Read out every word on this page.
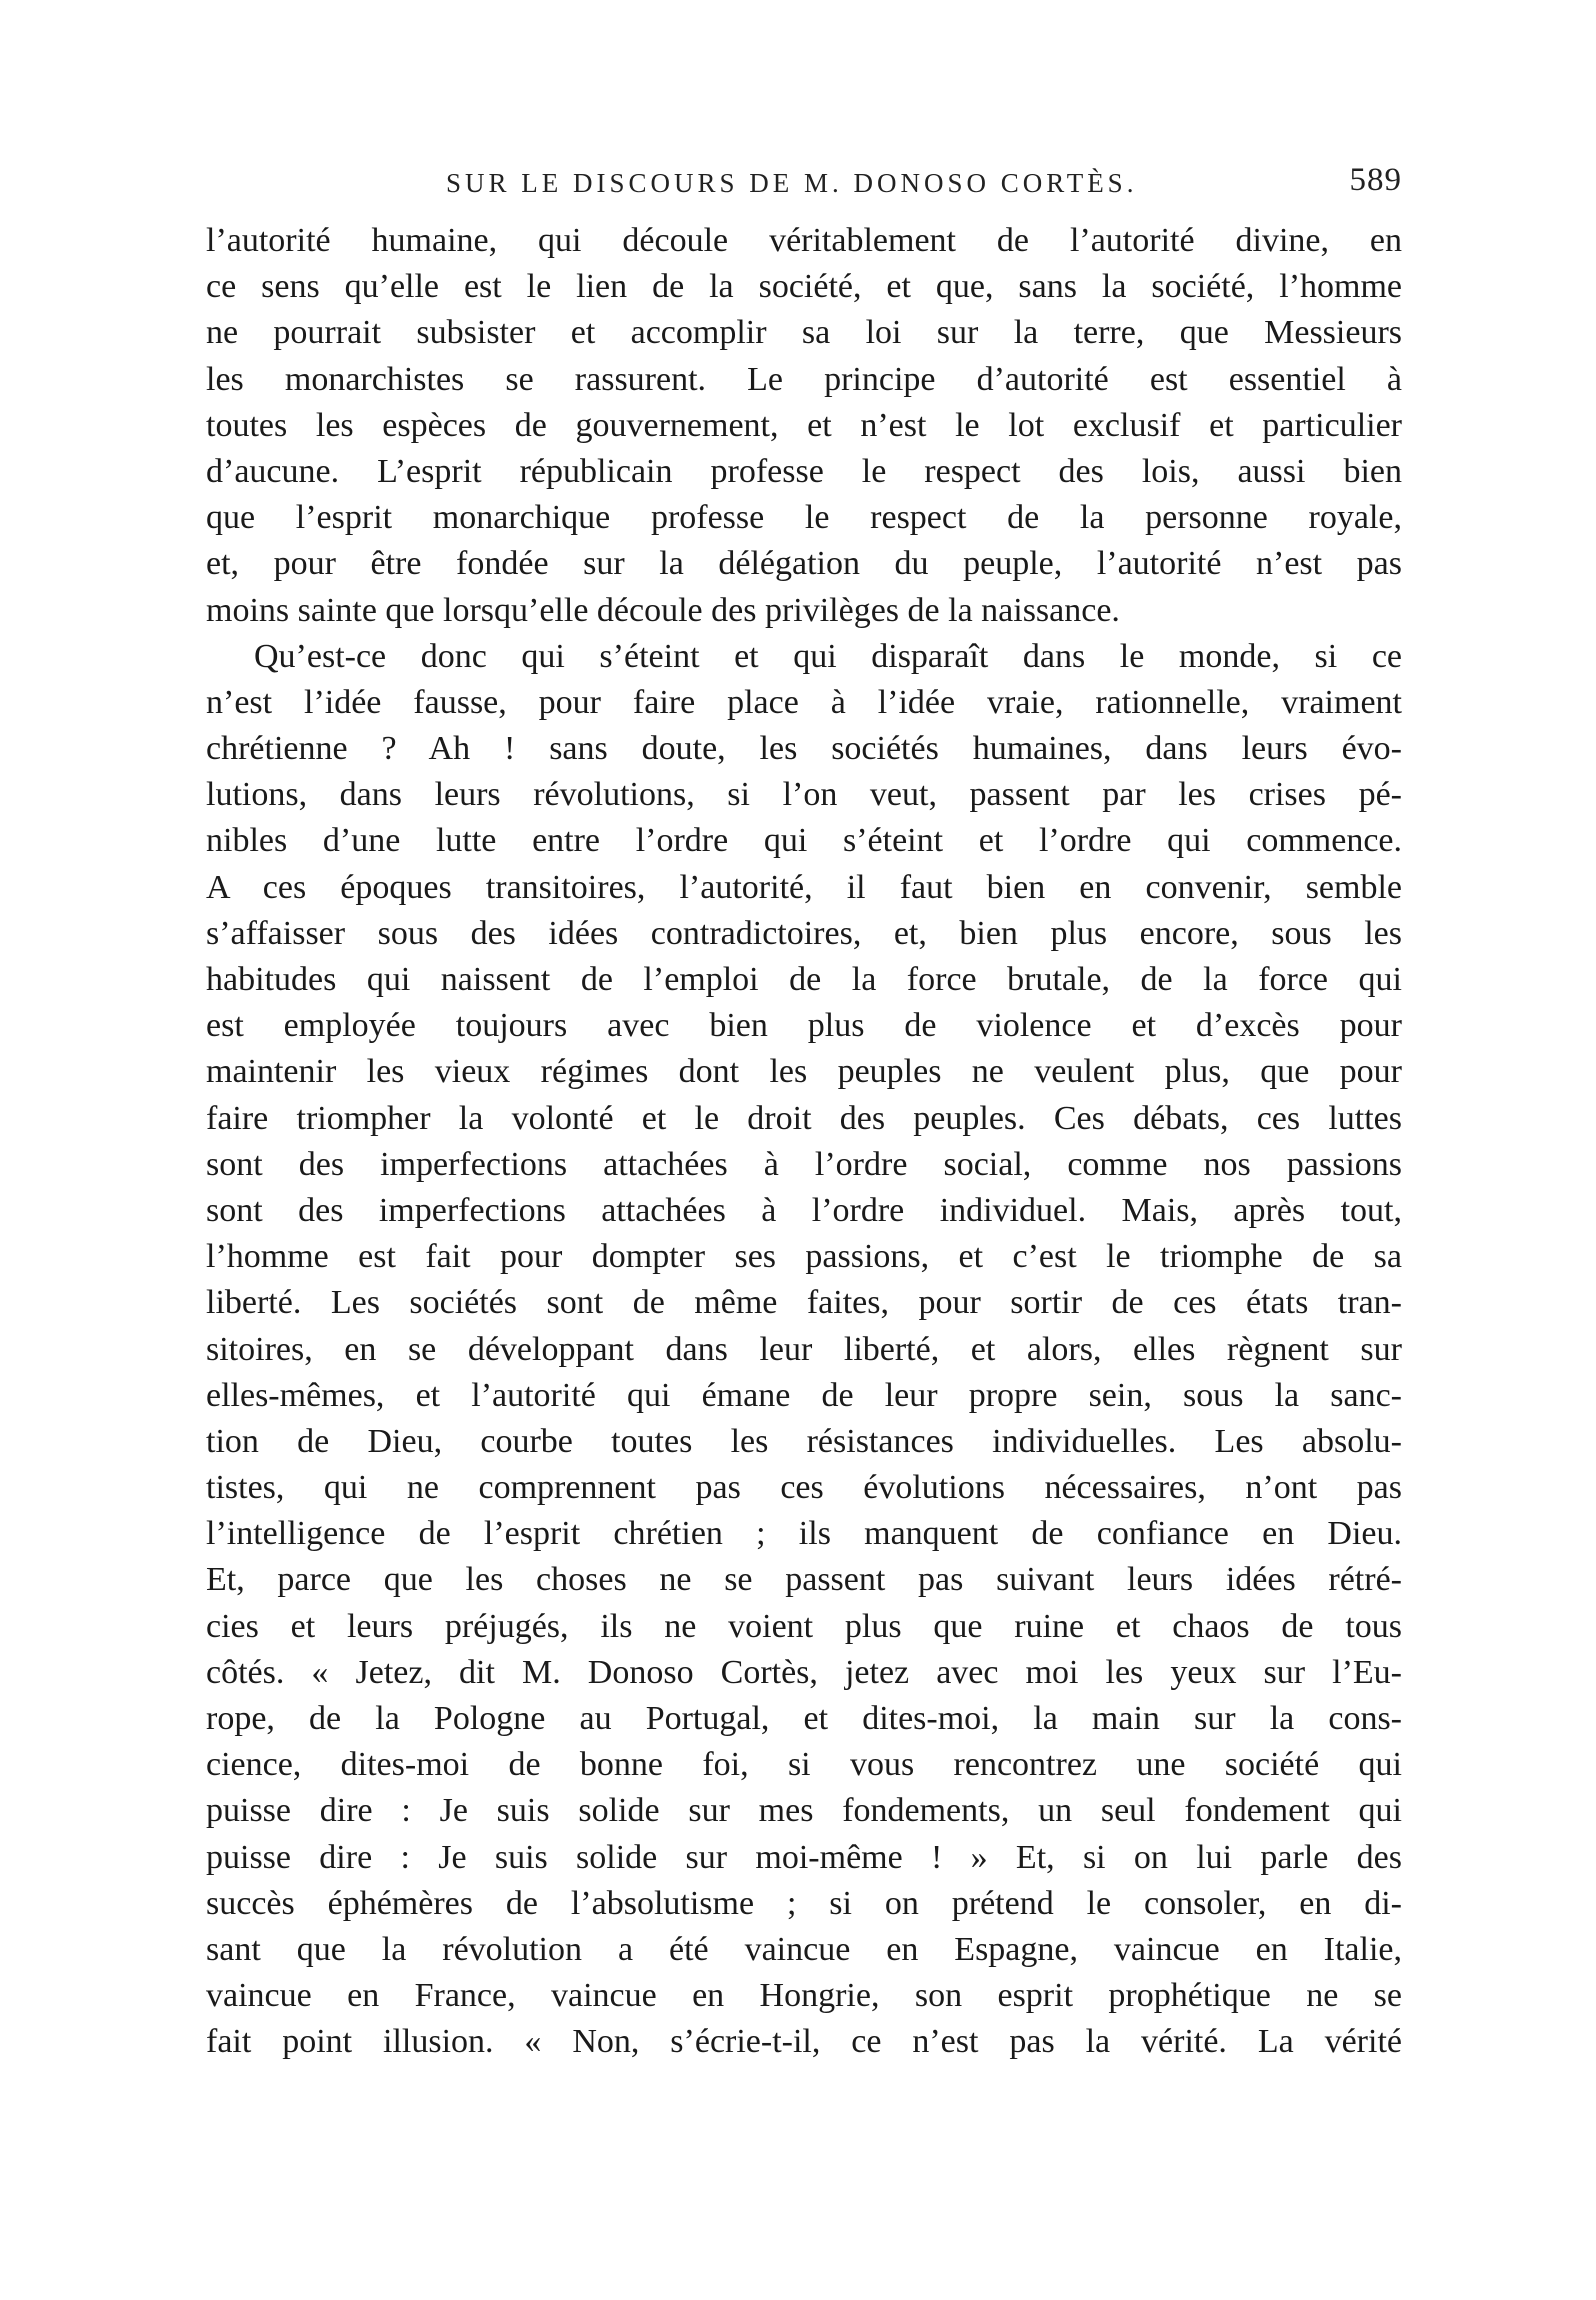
SUR LE DISCOURS DE M. DONOSO CORTÈS.	589
l’autorité humaine, qui découle véritablement de l’autorité divine, en
ce sens qu’elle est le lien de la société, et que, sans la société, l’homme
ne pourrait subsister et accomplir sa loi sur la terre, que Messieurs
les monarchistes se rassurent. Le principe d’autorité est essentiel à
toutes les espèces de gouvernement, et n’est le lot exclusif et particulier
d’aucune. L’esprit républicain professe le respect des lois, aussi bien
que l’esprit monarchique professe le respect de la personne royale,
et, pour être fondée sur la délégation du peuple, l’autorité n’est pas
moins sainte que lorsqu’elle découle des privilèges de la naissance.
Qu’est-ce donc qui s’éteint et qui disparaît dans le monde, si ce
n’est l’idée fausse, pour faire place à l’idée vraie, rationnelle, vraiment
chrétienne ? Ah ! sans doute, les sociétés humaines, dans leurs évo-
lutions, dans leurs révolutions, si l’on veut, passent par les crises pé-
nibles d’une lutte entre l’ordre qui s’éteint et l’ordre qui commence.
A ces époques transitoires, l’autorité, il faut bien en convenir, semble
s’affaisser sous des idées contradictoires, et, bien plus encore, sous les
habitudes qui naissent de l’emploi de la force brutale, de la force qui
est employée toujours avec bien plus de violence et d’excès pour
maintenir les vieux régimes dont les peuples ne veulent plus, que pour
faire triompher la volonté et le droit des peuples. Ces débats, ces luttes
sont des imperfections attachées à l’ordre social, comme nos passions
sont des imperfections attachées à l’ordre individuel. Mais, après tout,
l’homme est fait pour dompter ses passions, et c’est le triomphe de sa
liberté. Les sociétés sont de même faites, pour sortir de ces états tran-
sitoires, en se développant dans leur liberté, et alors, elles règnent sur
elles-mêmes, et l’autorité qui émane de leur propre sein, sous la sanc-
tion de Dieu, courbe toutes les résistances individuelles. Les absolu-
tistes, qui ne comprennent pas ces évolutions nécessaires, n’ont pas
l’intelligence de l’esprit chrétien ; ils manquent de confiance en Dieu.
Et, parce que les choses ne se passent pas suivant leurs idées rétré-
cies et leurs préjugés, ils ne voient plus que ruine et chaos de tous
côtés. « Jetez, dit M. Donoso Cortès, jetez avec moi les yeux sur l’Eu-
rope, de la Pologne au Portugal, et dites-moi, la main sur la cons-
cience, dites-moi de bonne foi, si vous rencontrez une société qui
puisse dire : Je suis solide sur mes fondements, un seul fondement qui
puisse dire : Je suis solide sur moi-même ! » Et, si on lui parle des
succès éphémères de l’absolutisme ; si on prétend le consoler, en di-
sant que la révolution a été vaincue en Espagne, vaincue en Italie,
vaincue en France, vaincue en Hongrie, son esprit prophétique ne se
fait point illusion. « Non, s’écrie-t-il, ce n’est pas la vérité. La vérité
